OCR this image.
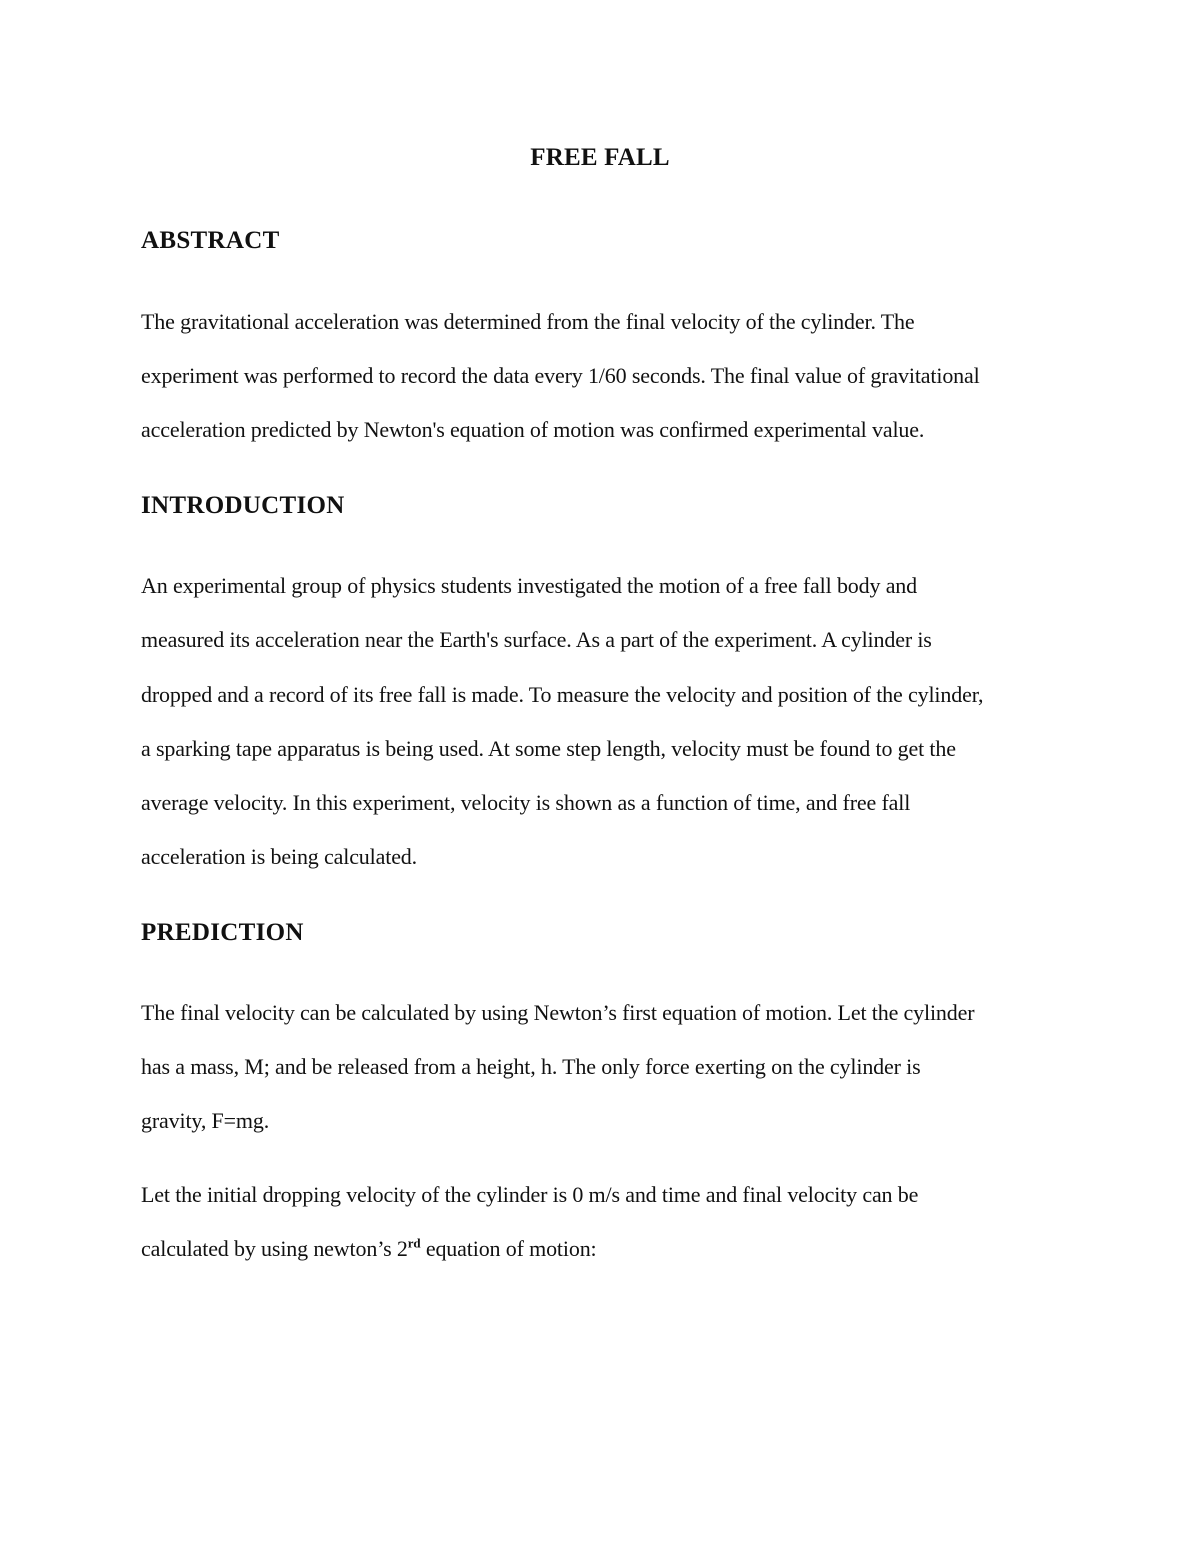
FREE FALL
ABSTRACT
The gravitational acceleration was determined from the final velocity of the cylinder. The
experiment was performed to record the data every 1/60 seconds. The final value of gravitational
acceleration predicted by Newton's equation of motion was confirmed experimental value.
INTRODUCTION
An experimental group of physics students investigated the motion of a free fall body and
measured its acceleration near the Earth's surface. As a part of the experiment. A cylinder is
dropped and a record of its free fall is made. To measure the velocity and position of the cylinder,
a sparking tape apparatus is being used. At some step length, velocity must be found to get the
average velocity. In this experiment, velocity is shown as a function of time, and free fall
acceleration is being calculated.
PREDICTION
The final velocity can be calculated by using Newton’s first equation of motion. Let the cylinder
has a mass, M; and be released from a height, h. The only force exerting on the cylinder is
gravity, F=mg.
Let the initial dropping velocity of the cylinder is 0 m/s and time and final velocity can be
calculated by using newton’s 2rd equation of motion:
